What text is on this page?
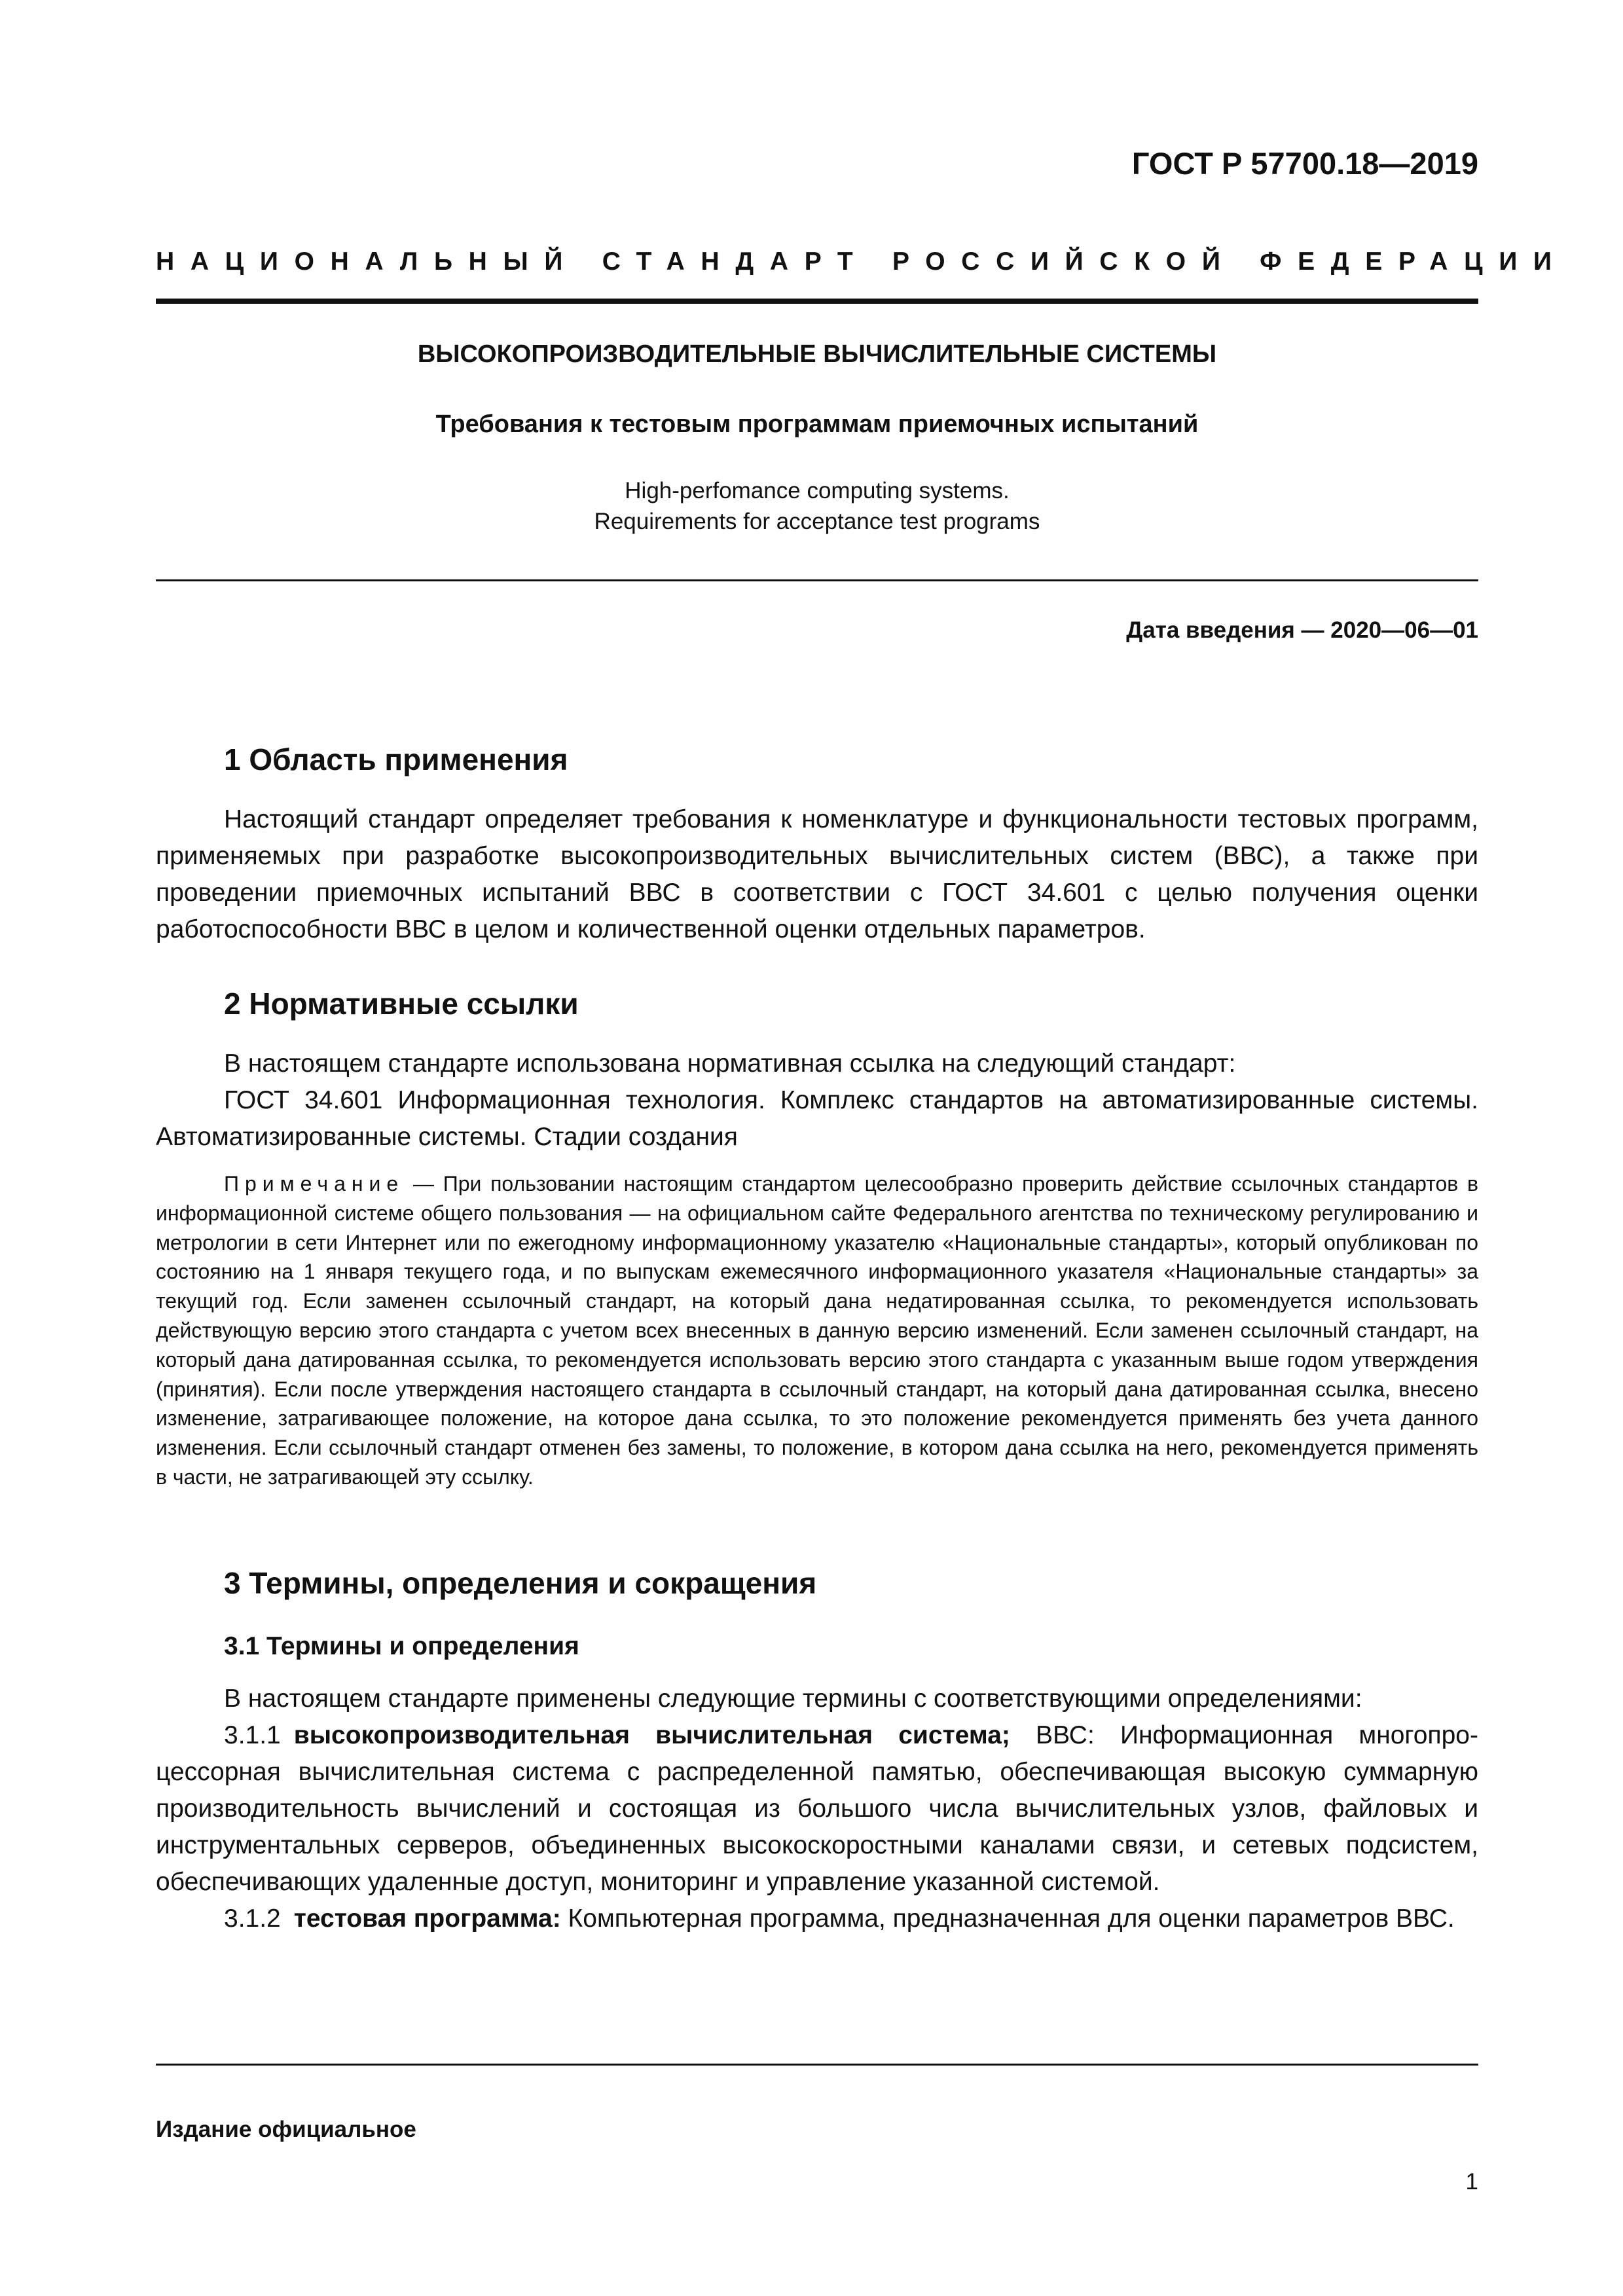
ГОСТ Р 57700.18—2019
НАЦИОНАЛЬНЫЙ СТАНДАРТ РОССИЙСКОЙ ФЕДЕРАЦИИ
ВЫСОКОПРОИЗВОДИТЕЛЬНЫЕ ВЫЧИСЛИТЕЛЬНЫЕ СИСТЕМЫ
Требования к тестовым программам приемочных испытаний
High-perfomance computing systems.
Requirements for acceptance test programs
Дата введения — 2020—06—01
1 Область применения

Настоящий стандарт определяет требования к номенклатуре и функциональности тестовых программ, применяемых при разработке высокопроизводительных вычислительных систем (ВВС), а также при проведении приемочных испытаний ВВС в соответствии с ГОСТ 34.601 с целью получения оценки работоспособности ВВС в целом и количественной оценки отдельных параметров.

2 Нормативные ссылки

В настоящем стандарте использована нормативная ссылка на следующий стандарт:

ГОСТ 34.601 Информационная технология. Комплекс стандартов на автоматизированные системы. Автоматизированные системы. Стадии создания

Примечание — При пользовании настоящим стандартом целесообразно проверить действие ссылочных стандартов в информационной системе общего пользования — на официальном сайте Федерального агентства по техническому регулированию и метрологии в сети Интернет или по ежегодному информационному указателю «Национальные стандарты», который опубликован по состоянию на 1 января текущего года, и по выпускам ежемесячного информационного указателя «Национальные стандарты» за текущий год. Если заменен ссылочный стандарт, на который дана недатированная ссылка, то рекомендуется использовать действующую версию этого стандарта с учетом всех внесенных в данную версию изменений. Если заменен ссылочный стандарт, на который дана датированная ссылка, то рекомендуется использовать версию этого стандарта с указанным выше годом утверждения (принятия). Если после утверждения настоящего стандарта в ссылочный стандарт, на который дана датированная ссылка, внесено изменение, затрагивающее положение, на которое дана ссылка, то это положение рекомендуется применять без учета данного изменения. Если ссылочный стандарт отменен без замены, то положение, в котором дана ссылка на него, рекомендуется применять в части, не затрагивающей эту ссылку.

3 Термины, определения и сокращения
3.1 Термины и определения

В настоящем стандарте применены следующие термины с соответствующими определениями:

3.1.1 высокопроизводительная вычислительная система; ВВС: Информационная многопроцессорная вычислительная система с распределенной памятью, обеспечивающая высокую суммарную производительность вычислений и состоящая из большого числа вычислительных узлов, файловых и инструментальных серверов, объединенных высокоскоростными каналами связи, и сетевых подсистем, обеспечивающих удаленные доступ, мониторинг и управление указанной системой.

3.1.2 тестовая программа: Компьютерная программа, предназначенная для оценки параметров ВВС.

Издание официальное
1
